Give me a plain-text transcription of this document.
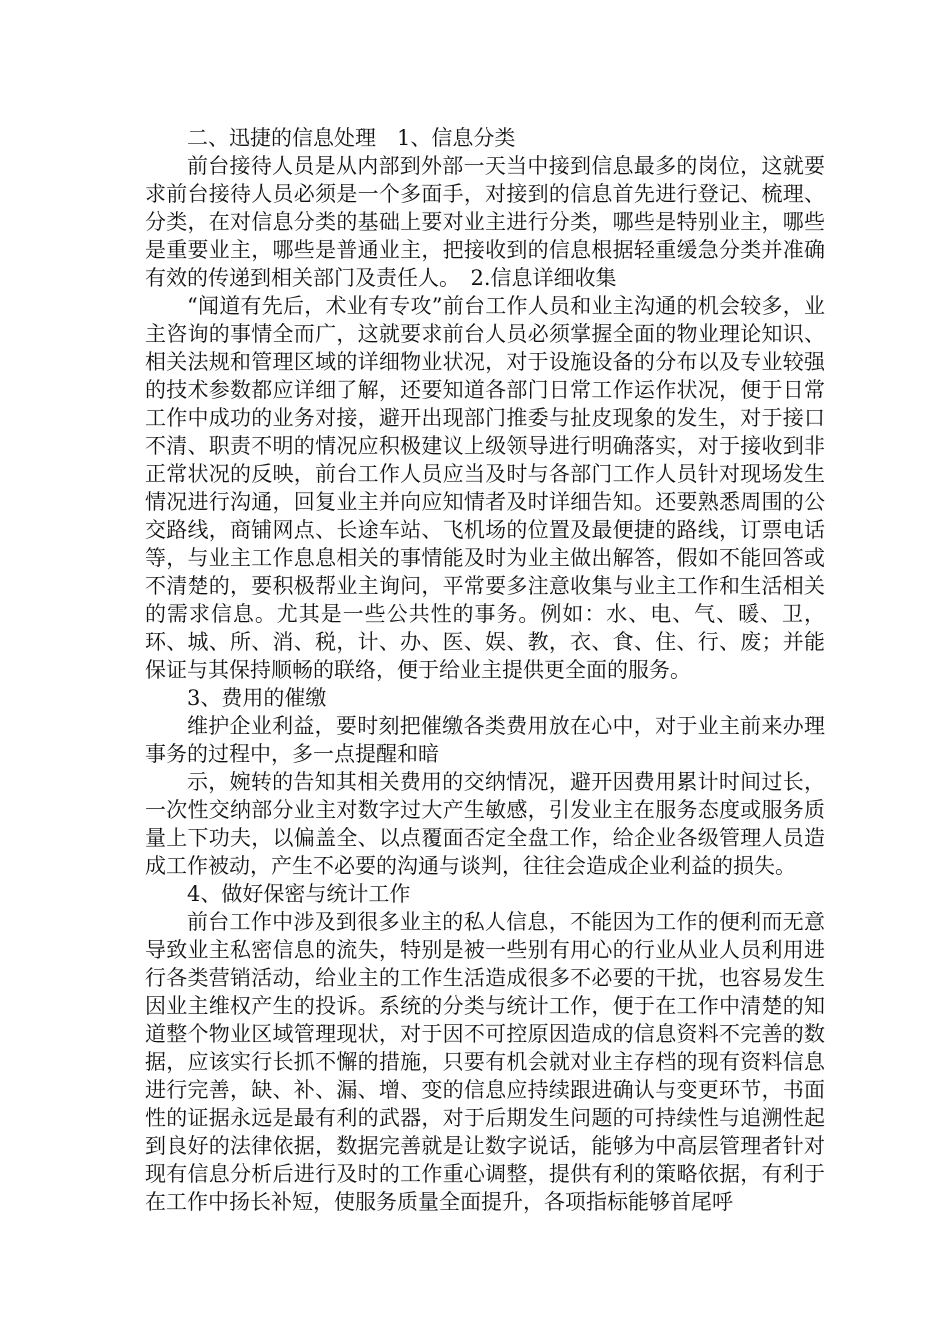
二、迅捷的信息处理　1、信息分类

前台接待人员是从内部到外部一天当中接到信息最多的岗位，这就要求前台接待人员必须是一个多面手，对接到的信息首先进行登记、梳理、分类，在对信息分类的基础上要对业主进行分类，哪些是特别业主，哪些是重要业主，哪些是普通业主，把接收到的信息根据轻重缓急分类并准确有效的传递到相关部门及责任人。　2.信息详细收集

“闻道有先后，术业有专攻”前台工作人员和业主沟通的机会较多，业主咨询的事情全而广，这就要求前台人员必须掌握全面的物业理论知识、相关法规和管理区域的详细物业状况，对于设施设备的分布以及专业较强的技术参数都应详细了解，还要知道各部门日常工作运作状况，便于日常工作中成功的业务对接，避开出现部门推委与扯皮现象的发生，对于接口不清、职责不明的情况应积极建议上级领导进行明确落实，对于接收到非正常状况的反映，前台工作人员应当及时与各部门工作人员针对现场发生情况进行沟通，回复业主并向应知情者及时详细告知。还要熟悉周围的公交路线，商铺网点、长途车站、飞机场的位置及最便捷的路线，订票电话等，与业主工作息息相关的事情能及时为业主做出解答，假如不能回答或不清楚的，要积极帮业主询问，平常要多注意收集与业主工作和生活相关的需求信息。尤其是一些公共性的事务。例如：水、电、气、暖、卫，环、城、所、消、税，计、办、医、娱、教，衣、食、住、行、废；并能保证与其保持顺畅的联络，便于给业主提供更全面的服务。

3、费用的催缴

维护企业利益，要时刻把催缴各类费用放在心中，对于业主前来办理事务的过程中，多一点提醒和暗

示，婉转的告知其相关费用的交纳情况，避开因费用累计时间过长，一次性交纳部分业主对数字过大产生敏感，引发业主在服务态度或服务质量上下功夫，以偏盖全、以点覆面否定全盘工作，给企业各级管理人员造成工作被动，产生不必要的沟通与谈判，往往会造成企业利益的损失。

4、做好保密与统计工作

前台工作中涉及到很多业主的私人信息，不能因为工作的便利而无意导致业主私密信息的流失，特别是被一些别有用心的行业从业人员利用进行各类营销活动，给业主的工作生活造成很多不必要的干扰，也容易发生因业主维权产生的投诉。系统的分类与统计工作，便于在工作中清楚的知道整个物业区域管理现状，对于因不可控原因造成的信息资料不完善的数据，应该实行长抓不懈的措施，只要有机会就对业主存档的现有资料信息进行完善，缺、补、漏、增、变的信息应持续跟进确认与变更环节，书面性的证据永远是最有利的武器，对于后期发生问题的可持续性与追溯性起到良好的法律依据，数据完善就是让数字说话，能够为中高层管理者针对现有信息分析后进行及时的工作重心调整，提供有利的策略依据，有利于在工作中扬长补短，使服务质量全面提升，各项指标能够首尾呼
